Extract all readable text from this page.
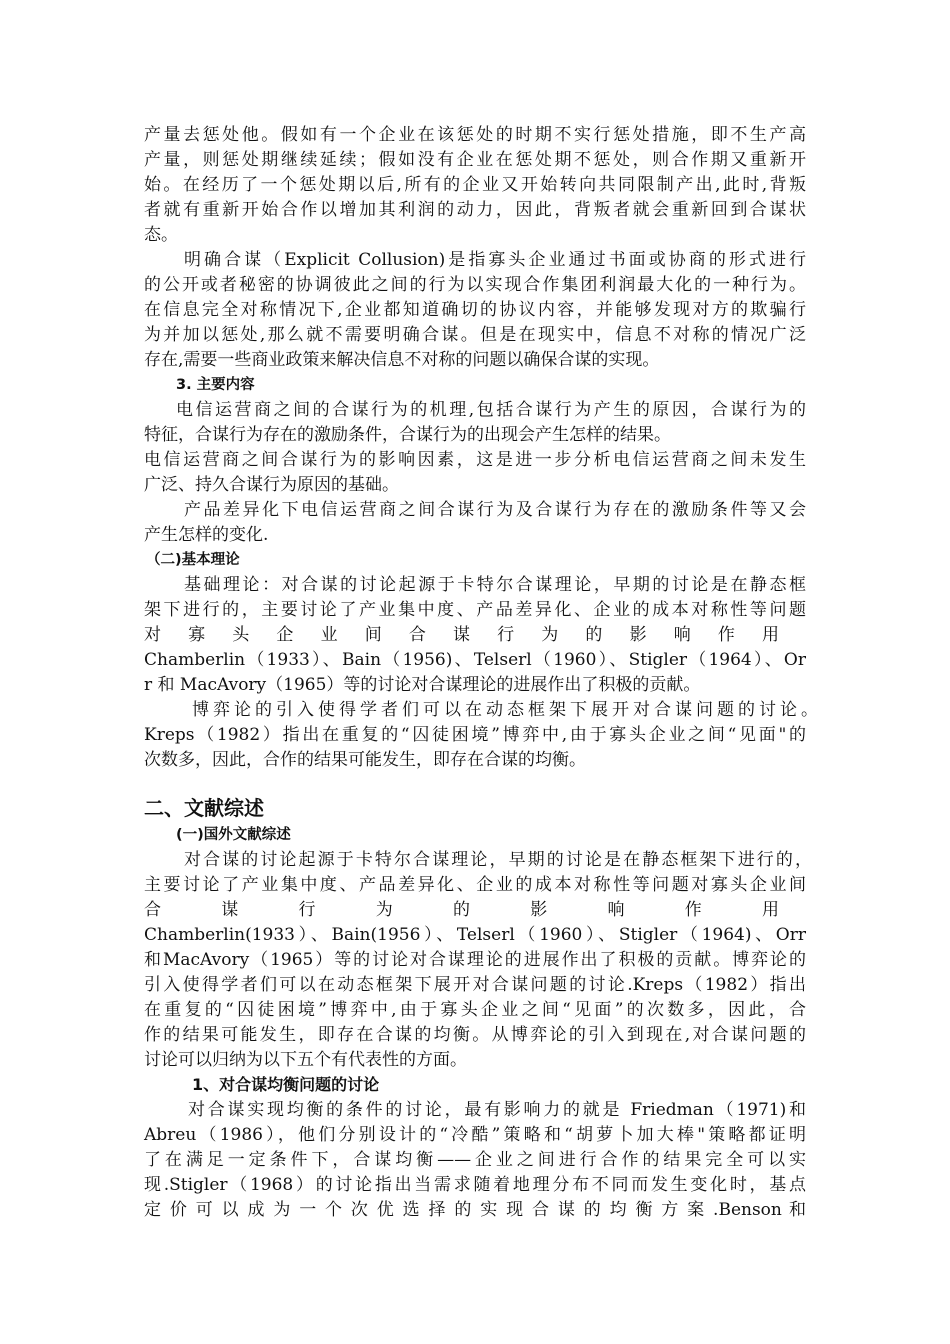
产量去惩处他。假如有一个企业在该惩处的时期不实行惩处措施，即不生产高
产量，则惩处期继续延续；假如没有企业在惩处期不惩处，则合作期又重新开
始。在经历了一个惩处期以后,所有的企业又开始转向共同限制产出,此时,背叛
者就有重新开始合作以增加其利润的动力，因此，背叛者就会重新回到合谋状
态。
明确合谋（Explicit Collusion)是指寡头企业通过书面或协商的形式进行
的公开或者秘密的协调彼此之间的行为以实现合作集团利润最大化的一种行为。
在信息完全对称情况下,企业都知道确切的协议内容，并能够发现对方的欺骗行
为并加以惩处,那么就不需要明确合谋。但是在现实中，信息不对称的情况广泛
存在,需要一些商业政策来解决信息不对称的问题以确保合谋的实现。
3. 主要内容
电信运营商之间的合谋行为的机理,包括合谋行为产生的原因，合谋行为的
特征，合谋行为存在的激励条件，合谋行为的出现会产生怎样的结果。
电信运营商之间合谋行为的影响因素，这是进一步分析电信运营商之间未发生
广泛、持久合谋行为原因的基础。
产品差异化下电信运营商之间合谋行为及合谋行为存在的激励条件等又会
产生怎样的变化.
（二)基本理论
基础理论：对合谋的讨论起源于卡特尔合谋理论，早期的讨论是在静态框
架下进行的，主要讨论了产业集中度、产品差异化、企业的成本对称性等问题
对 寡 头 企 业 间 合 谋 行 为 的 影 响 作 用
Chamberlin（1933）、Bain（1956)、Telserl（1960）、Stigler（1964）、Or
r 和 MacAvory（1965）等的讨论对合谋理论的进展作出了积极的贡献。
博弈论的引入使得学者们可以在动态框架下展开对合谋问题的讨论。
Kreps（1982）指出在重复的“囚徒困境”博弈中,由于寡头企业之间“见面"的
次数多，因此，合作的结果可能发生，即存在合谋的均衡。
二、文献综述
(一)国外文献综述
对合谋的讨论起源于卡特尔合谋理论，早期的讨论是在静态框架下进行的，
主要讨论了产业集中度、产品差异化、企业的成本对称性等问题对寡头企业间
合 谋 行 为 的 影 响 作 用
Chamberlin(1933）、Bain(1956）、Telserl（1960）、Stigler（1964)、Orr
和MacAvory（1965）等的讨论对合谋理论的进展作出了积极的贡献。博弈论的
引入使得学者们可以在动态框架下展开对合谋问题的讨论.Kreps（1982）指出
在重复的“囚徒困境”博弈中,由于寡头企业之间“见面”的次数多，因此，合
作的结果可能发生，即存在合谋的均衡。从博弈论的引入到现在,对合谋问题的
讨论可以归纳为以下五个有代表性的方面。
1、对合谋均衡问题的讨论
对合谋实现均衡的条件的讨论，最有影响力的就是 Friedman（1971)和
Abreu（1986），他们分别设计的“冷酷”策略和“胡萝卜加大棒"策略都证明
了在满足一定条件下，合谋均衡——企业之间进行合作的结果完全可以实
现.Stigler（1968）的讨论指出当需求随着地理分布不同而发生变化时，基点
定 价 可 以 成 为 一 个 次 优 选 择 的 实 现 合 谋 的 均 衡 方 案 .Benson 和
